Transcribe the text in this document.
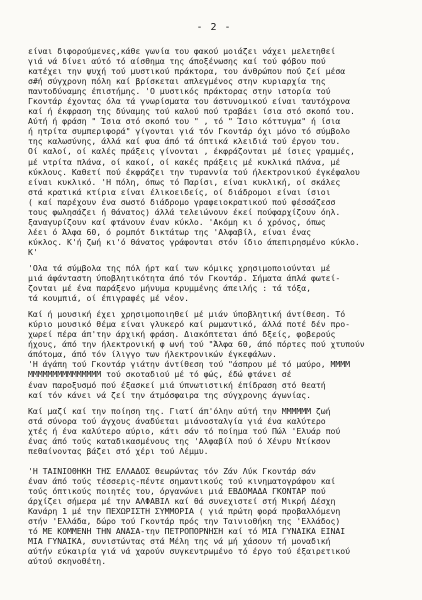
- 2 -

είναι διφορούμενες,κάθε γωνία του φακού μοιάζει νάχει μελετηθεί
γιά νά δίνει αύτό τό αίσθημα της άποξένωσης καί τού φόβου πού
κατέχει την ψυχή τού μυστικού πράκτορα, του άνθρώπου πού ζεί μέσα
σ#ή σύγχρονη πόλη καί βρίσκεται απλεγμένος στην κυριαρχία της
παντοδύναμης έπιστήμης. 'Ο μυστικός πράκτορας στην ιστορία τού
Γκοντάρ έχοντας όλα τά γνωρίσματα του άστυνομικού είναι ταυτόχρονα
καί ή έκφραση της δύναμης τού καλού πού τραβάει ίσια στό σκοπό του.
Αύτή ή φράση " Ίσια στό σκοπό του " , τό " Ίσιο κόττυγμα" ή ίσια
ή ητρίτα συμπεριφορά" γίγονται γιά τόν Γκοντάρ όχι μόνο τό σύμβολο
της καλωσύνης, άλλά καί φυα άπό τά όπτικά κλειδιά τού έργου του.
Οί καλοί, οί καλές πράξεις γίνονται , έκφράζονται μέ ίσιες γραμμές,
μέ ντρίτα πλάνα, οί κακοί, οί κακές πράξεις μέ κυκλικά πλάνα, μέ
κύκλους. Καθετί πού έκφράζει την τυραννία τού ήλεκτρονικού έγκέφαλου
είναι κυκλικό. 'Η πόλη, όπως τό Παρίσι, είναι κυκλική, οί σκάλες
στά κρατικά κτίρια είναι έλικοειδείς, οί διάδρομοι είναι ίσιοι
( καί παρέχουν ένα σωστό διάδρομο γραφειοκρατικού πού φέσσάζεσσ
τους φωλησάζει ή θάνατος) άλλά τελειώνουν έκεί πούφαρχίζουν όηλ.
ξαναγυρίζουν καί φτάνουν έναν κύκλο. 'Ακόμη κι ό χρόνος, όπως
λέει ό Άλφα 60, ό ρομπότ δικτάτωρ της 'Αλφαβίλ, είναι ένας
κύκλος. Κ'ή ζωή κι'ό θάνατος γράφονται στόν ίδιο άπεπιρησμένο κύκλο.
Κ'

'Ολα τά σύμβολα της πόλ ήρτ καί των κόμικς χρησιμοποιούνται μέ
μιά άφάνταστη ύποβλητικότητα άπό τόν Γκοντάρ. Σήματα άπλά φωτεί-
ζονται μέ ένα παράξενο μήνυμα κρυμμένης άπειλής : τά τόξα,
τά κουμπιά, οί έπιγραφές μέ νέον.

Καί ή μουσική έχει χρησιμοποιηθεί μέ μιάν ύποβλητική άντίθεση. Τό
κύριο μουσικό θέμα είναι γλυκερό καί ρωμαντικό, άλλά ποτέ δέν προ-
χωρεί πέρα άπ'την άρχική φράση. Διακόπτεται άπό δξείς, φοβερούς
ήχους, άπό την ήλεκτρονική φ ωνή τού "Άλφα 60, άπό πόρτες πού χτυπούν
άπότομα, άπό τόν ίλιγγο των ήλεκτρονικών έγκεφάλων.
'Η άγάπη τού Γκοντάρ γιάτην άντίθεση τού "άσπρου μέ τό μαύρο, ΜΜΜΜ
ΜΜΜΜΜΜΜΜΜΜΜΜΜΜΜ τού σκοταδιού μέ τό φώς, έδώ φτάνει σέ
έναν παροξυσμό πού έξασκεί μιά ύπνωτιστική έπίδραση στό θεατή
καί τόν κάνει νά ζεί την άτμόσφαιρα της σύγχρονης άγωνίας.

Καί μαζί καί την ποίηση της. Γιατί άπ'όλην αύτή την ΜΜΜΜΜΜ ζωή
στά σύνορα τού άγχους άναδύεται μιάνοσταλγία γιά ένα καλύτερο
χτές ή ένα καλύτερο αύριο, κάτι σάν τό ποίημα τού Πώλ 'Ελυάρ πού
ένας άπό τούς καταδικασμένους της 'Αλφαβίλ πού ό Χένρυ Ντίκσον
πεθαίνοντας βάζει στό χέρι τού Λέμμυ.

'Η ΤΑΙΝΙΟΘΗΚΗ ΤΗΣ ΕΛΛΑΔΟΣ θεωρώντας τόν Ζάν Λύκ Γκοντάρ σάν
έναν άπό τούς τέσσερις-πέντε σημαντικούς τού κινηματογράφου καί
τούς όπτικούς ποιητές του, όργανώνει μιά ΕΒΔΟΜΑΔΑ ΓΚΟΝΤΑΡ πού
άρχίζει σήμερα μέ την ΑΛΦΑΒΙΛ καί θά συνεχιστεί στή Μικρή Δέσχη
Κανάρη 1 μέ την ΠΕΧΩΡΙΣΤΗ ΣΥΜΜΟΡΙΑ ( γιά πρώτη φορά προβαλλόμενη
στήν 'Ελλάδα, δώρο τού Γκοντάρ πρός την Ταινιοθήκη της 'Ελλάδος)
τό ΜΕ ΚΟΜΜΕΝΗ ΤΗΝ ΑΝΑΣΑ-την ΠΕΤΡΟΠΟΡΝΗΣΗ καί τό ΜΙΑ ΓΥΝΑΙΚΑ ΕΙΝΑΙ
ΜΙΑ ΓΥΝΑΙΚΑ, συνιστώντας στά Μέλη της νά μή χάσουν τή μοναδική
αύτήν εύκαιρία γιά νά χαρούν συγκεντρωμένο τό έργο τού έξαιρετικού
αύτού σκηνοθέτη.
